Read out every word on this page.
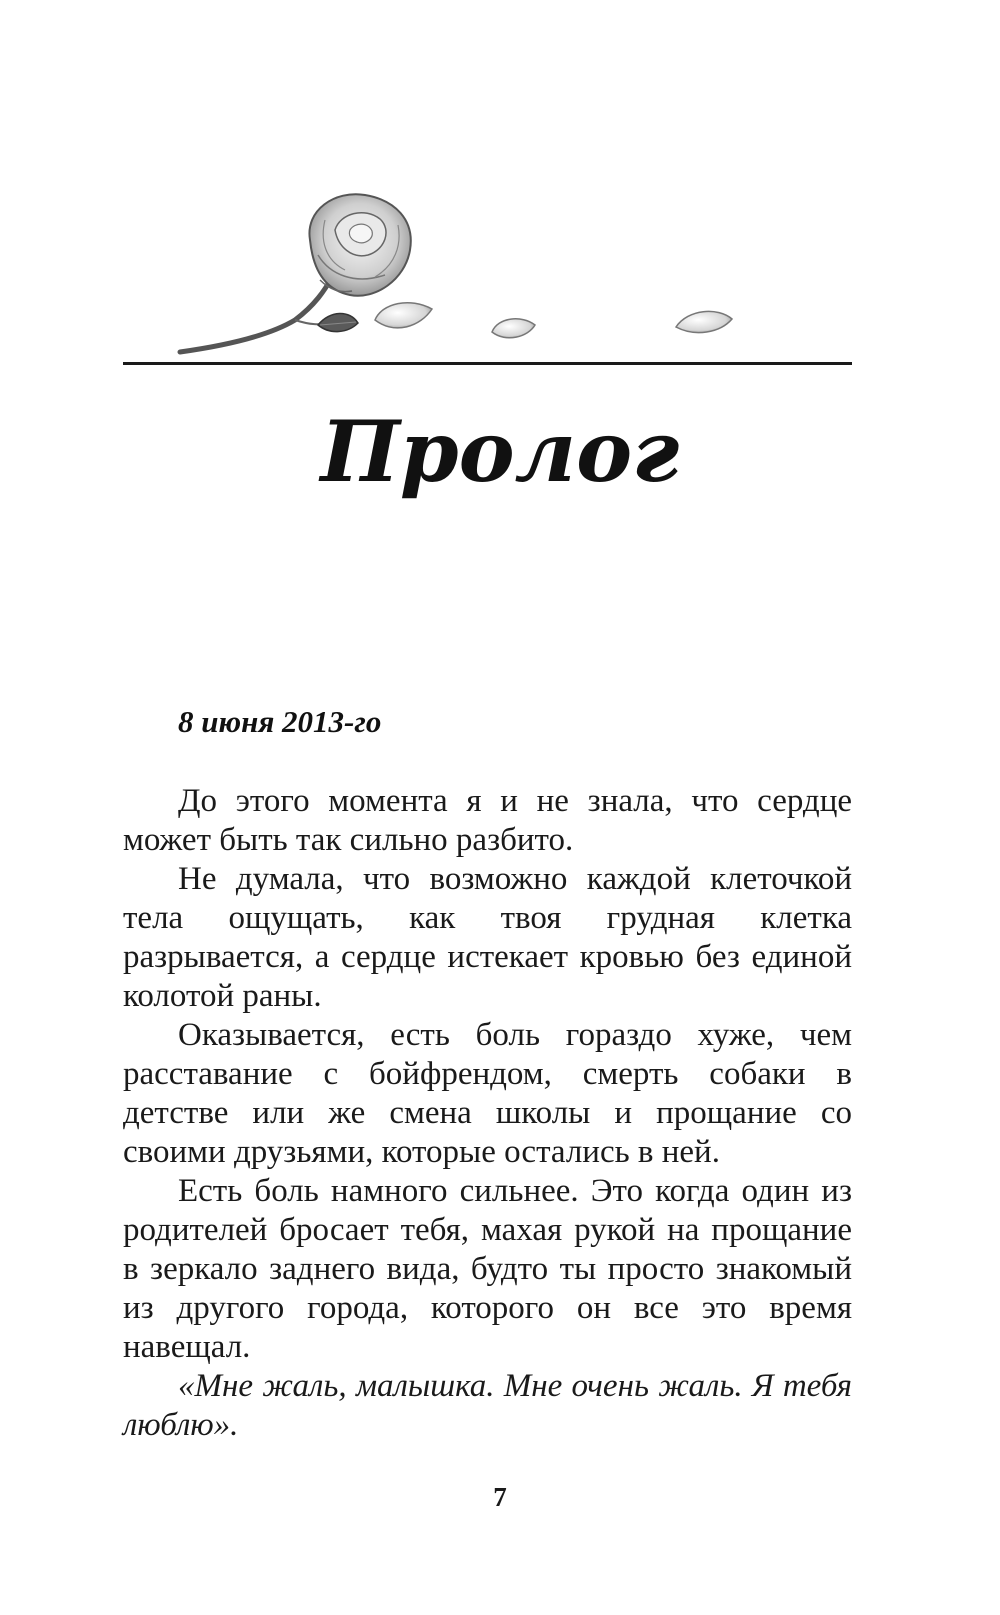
Пролог
8 июня 2013-го

До этого момента я и не знала, что сердце может быть так сильно разбито.

Не думала, что возможно каждой клеточкой тела ощущать, как твоя грудная клетка разрывается, а сердце истекает кровью без единой колотой раны.

Оказывается, есть боль гораздо хуже, чем расставание с бойфрендом, смерть собаки в детстве или же смена школы и прощание со своими друзьями, которые остались в ней.

Есть боль намного сильнее. Это когда один из родителей бросает тебя, махая рукой на прощание в зеркало заднего вида, будто ты просто знакомый из другого города, которого он все это время навещал.

«Мне жаль, малышка. Мне очень жаль. Я тебя люблю».

7
